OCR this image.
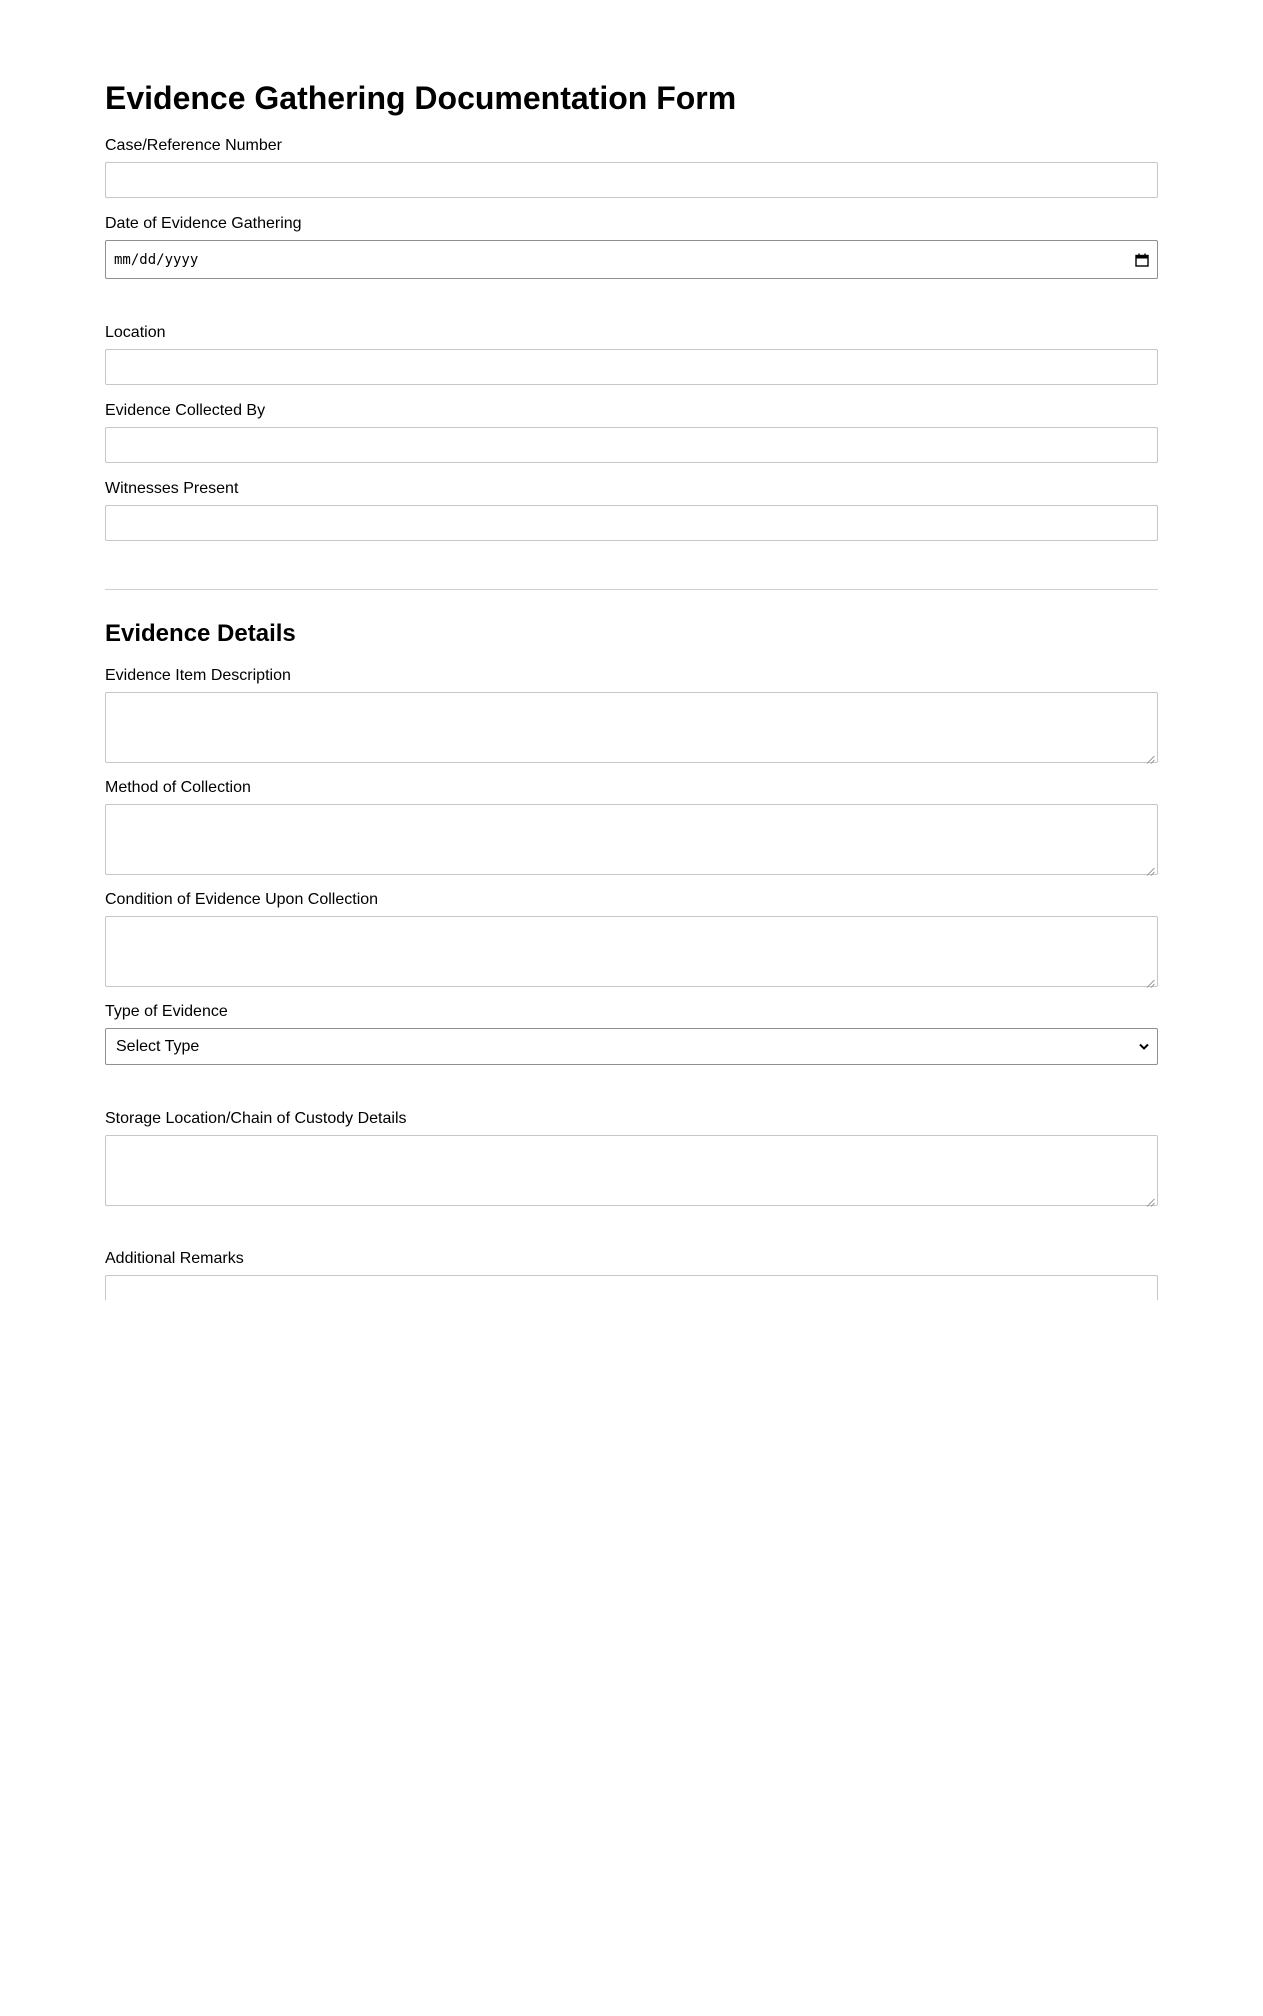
Evidence Gathering Documentation Form
Case/Reference Number
Date of Evidence Gathering
mm/dd/yyyy
Location
Evidence Collected By
Witnesses Present
Evidence Details
Evidence Item Description
Method of Collection
Condition of Evidence Upon Collection
Type of Evidence
Select Type
Storage Location/Chain of Custody Details
Additional Remarks
